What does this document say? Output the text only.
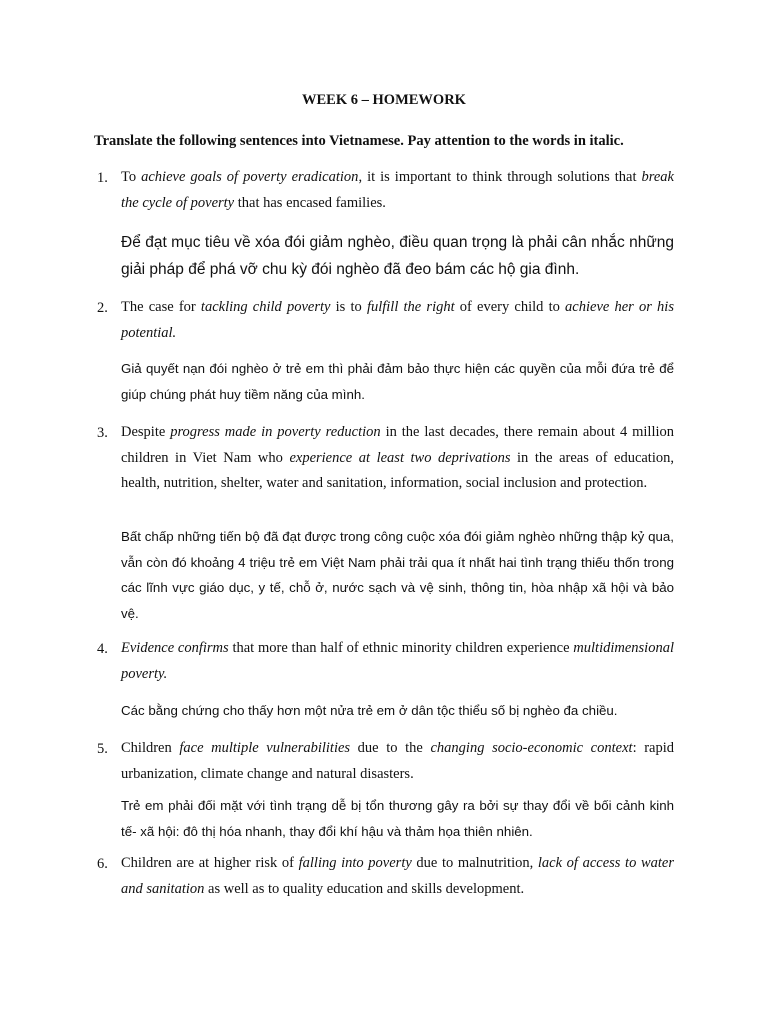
WEEK 6 – HOMEWORK
Translate the following sentences into Vietnamese. Pay attention to the words in italic.
1. To achieve goals of poverty eradication, it is important to think through solutions that break the cycle of poverty that has encased families.
Để đạt mục tiêu về xóa đói giảm nghèo, điều quan trọng là phải cân nhắc những giải pháp để phá vỡ chu kỳ đói nghèo đã đeo bám các hộ gia đình.
2. The case for tackling child poverty is to fulfill the right of every child to achieve her or his potential.
Giả quyết nạn đói nghèo ở trẻ em thì phải đảm bảo thực hiện các quyền của mỗi đứa trẻ để giúp chúng phát huy tiềm năng của mình.
3. Despite progress made in poverty reduction in the last decades, there remain about 4 million children in Viet Nam who experience at least two deprivations in the areas of education, health, nutrition, shelter, water and sanitation, information, social inclusion and protection.
Bất chấp những tiến bộ đã đạt được trong công cuộc xóa đói giảm nghèo những thập kỷ qua, vẫn còn đó khoảng 4 triệu trẻ em Việt Nam phải trải qua ít nhất hai tình trạng thiếu thốn trong các lĩnh vực giáo dục, y tế, chỗ ở, nước sạch và vệ sinh, thông tin, hòa nhập xã hội và bảo vệ.
4. Evidence confirms that more than half of ethnic minority children experience multidimensional poverty.
Các bằng chứng cho thấy hơn một nửa trẻ em ở dân tộc thiểu số bị nghèo đa chiều.
5. Children face multiple vulnerabilities due to the changing socio-economic context: rapid urbanization, climate change and natural disasters.
Trẻ em phải đối mặt với tình trạng dễ bị tổn thương gây ra bởi sự thay đổi về bối cảnh kinh tế- xã hội: đô thị hóa nhanh, thay đổi khí hậu và thảm họa thiên nhiên.
6. Children are at higher risk of falling into poverty due to malnutrition, lack of access to water and sanitation as well as to quality education and skills development.
